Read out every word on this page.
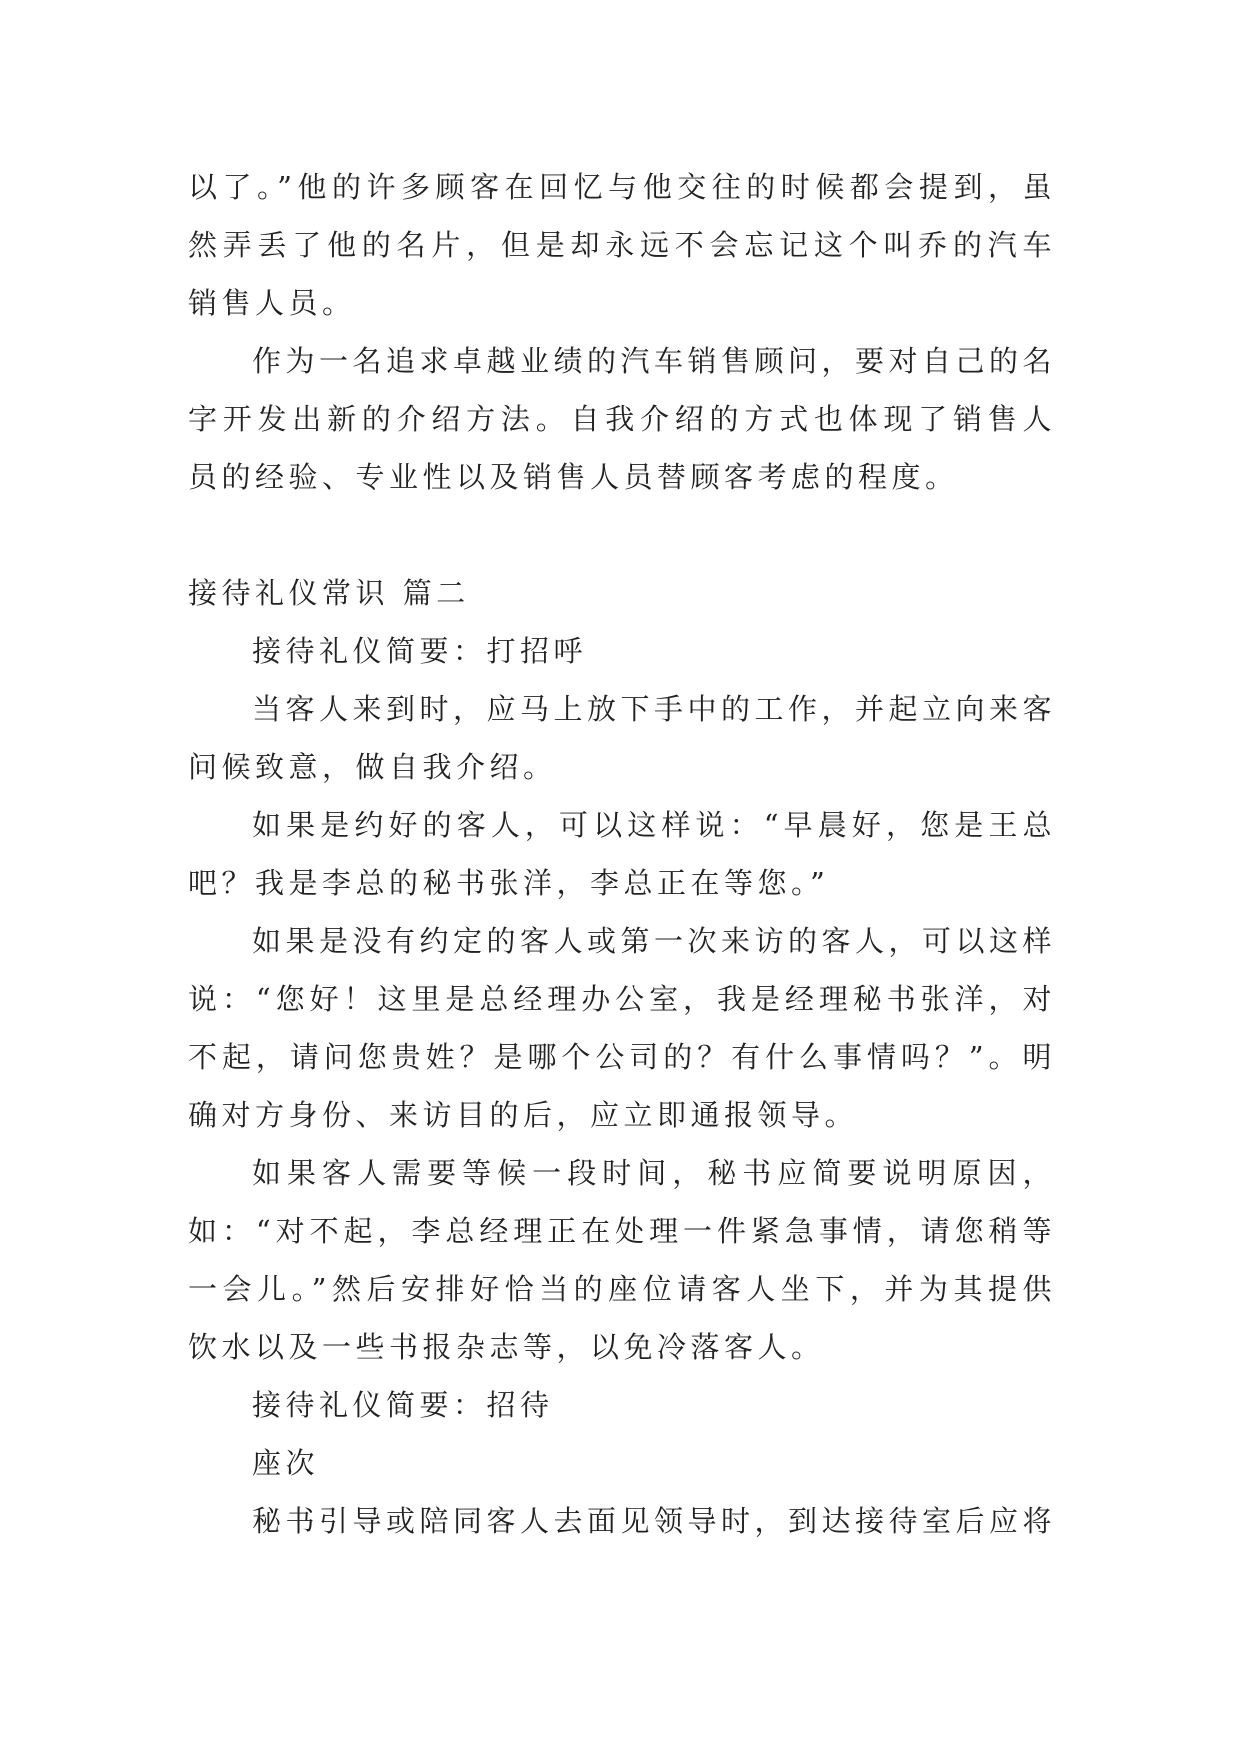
以了。”他的许多顾客在回忆与他交往的时候都会提到，虽然弄丢了他的名片，但是却永远不会忘记这个叫乔的汽车销售人员。

作为一名追求卓越业绩的汽车销售顾问，要对自己的名字开发出新的介绍方法。自我介绍的方式也体现了销售人员的经验、专业性以及销售人员替顾客考虑的程度。

接待礼仪常识 篇二

接待礼仪简要：打招呼

当客人来到时，应马上放下手中的工作，并起立向来客问候致意，做自我介绍。

如果是约好的客人，可以这样说：“早晨好，您是王总吧？我是李总的秘书张洋，李总正在等您。”

如果是没有约定的客人或第一次来访的客人，可以这样说：“您好！这里是总经理办公室，我是经理秘书张洋，对不起，请问您贵姓？是哪个公司的？有什么事情吗？”。明确对方身份、来访目的后，应立即通报领导。

如果客人需要等候一段时间，秘书应简要说明原因，如：“对不起，李总经理正在处理一件紧急事情，请您稍等一会儿。”然后安排好恰当的座位请客人坐下，并为其提供饮水以及一些书报杂志等，以免冷落客人。

接待礼仪简要：招待

座次

秘书引导或陪同客人去面见领导时，到达接待室后应将
